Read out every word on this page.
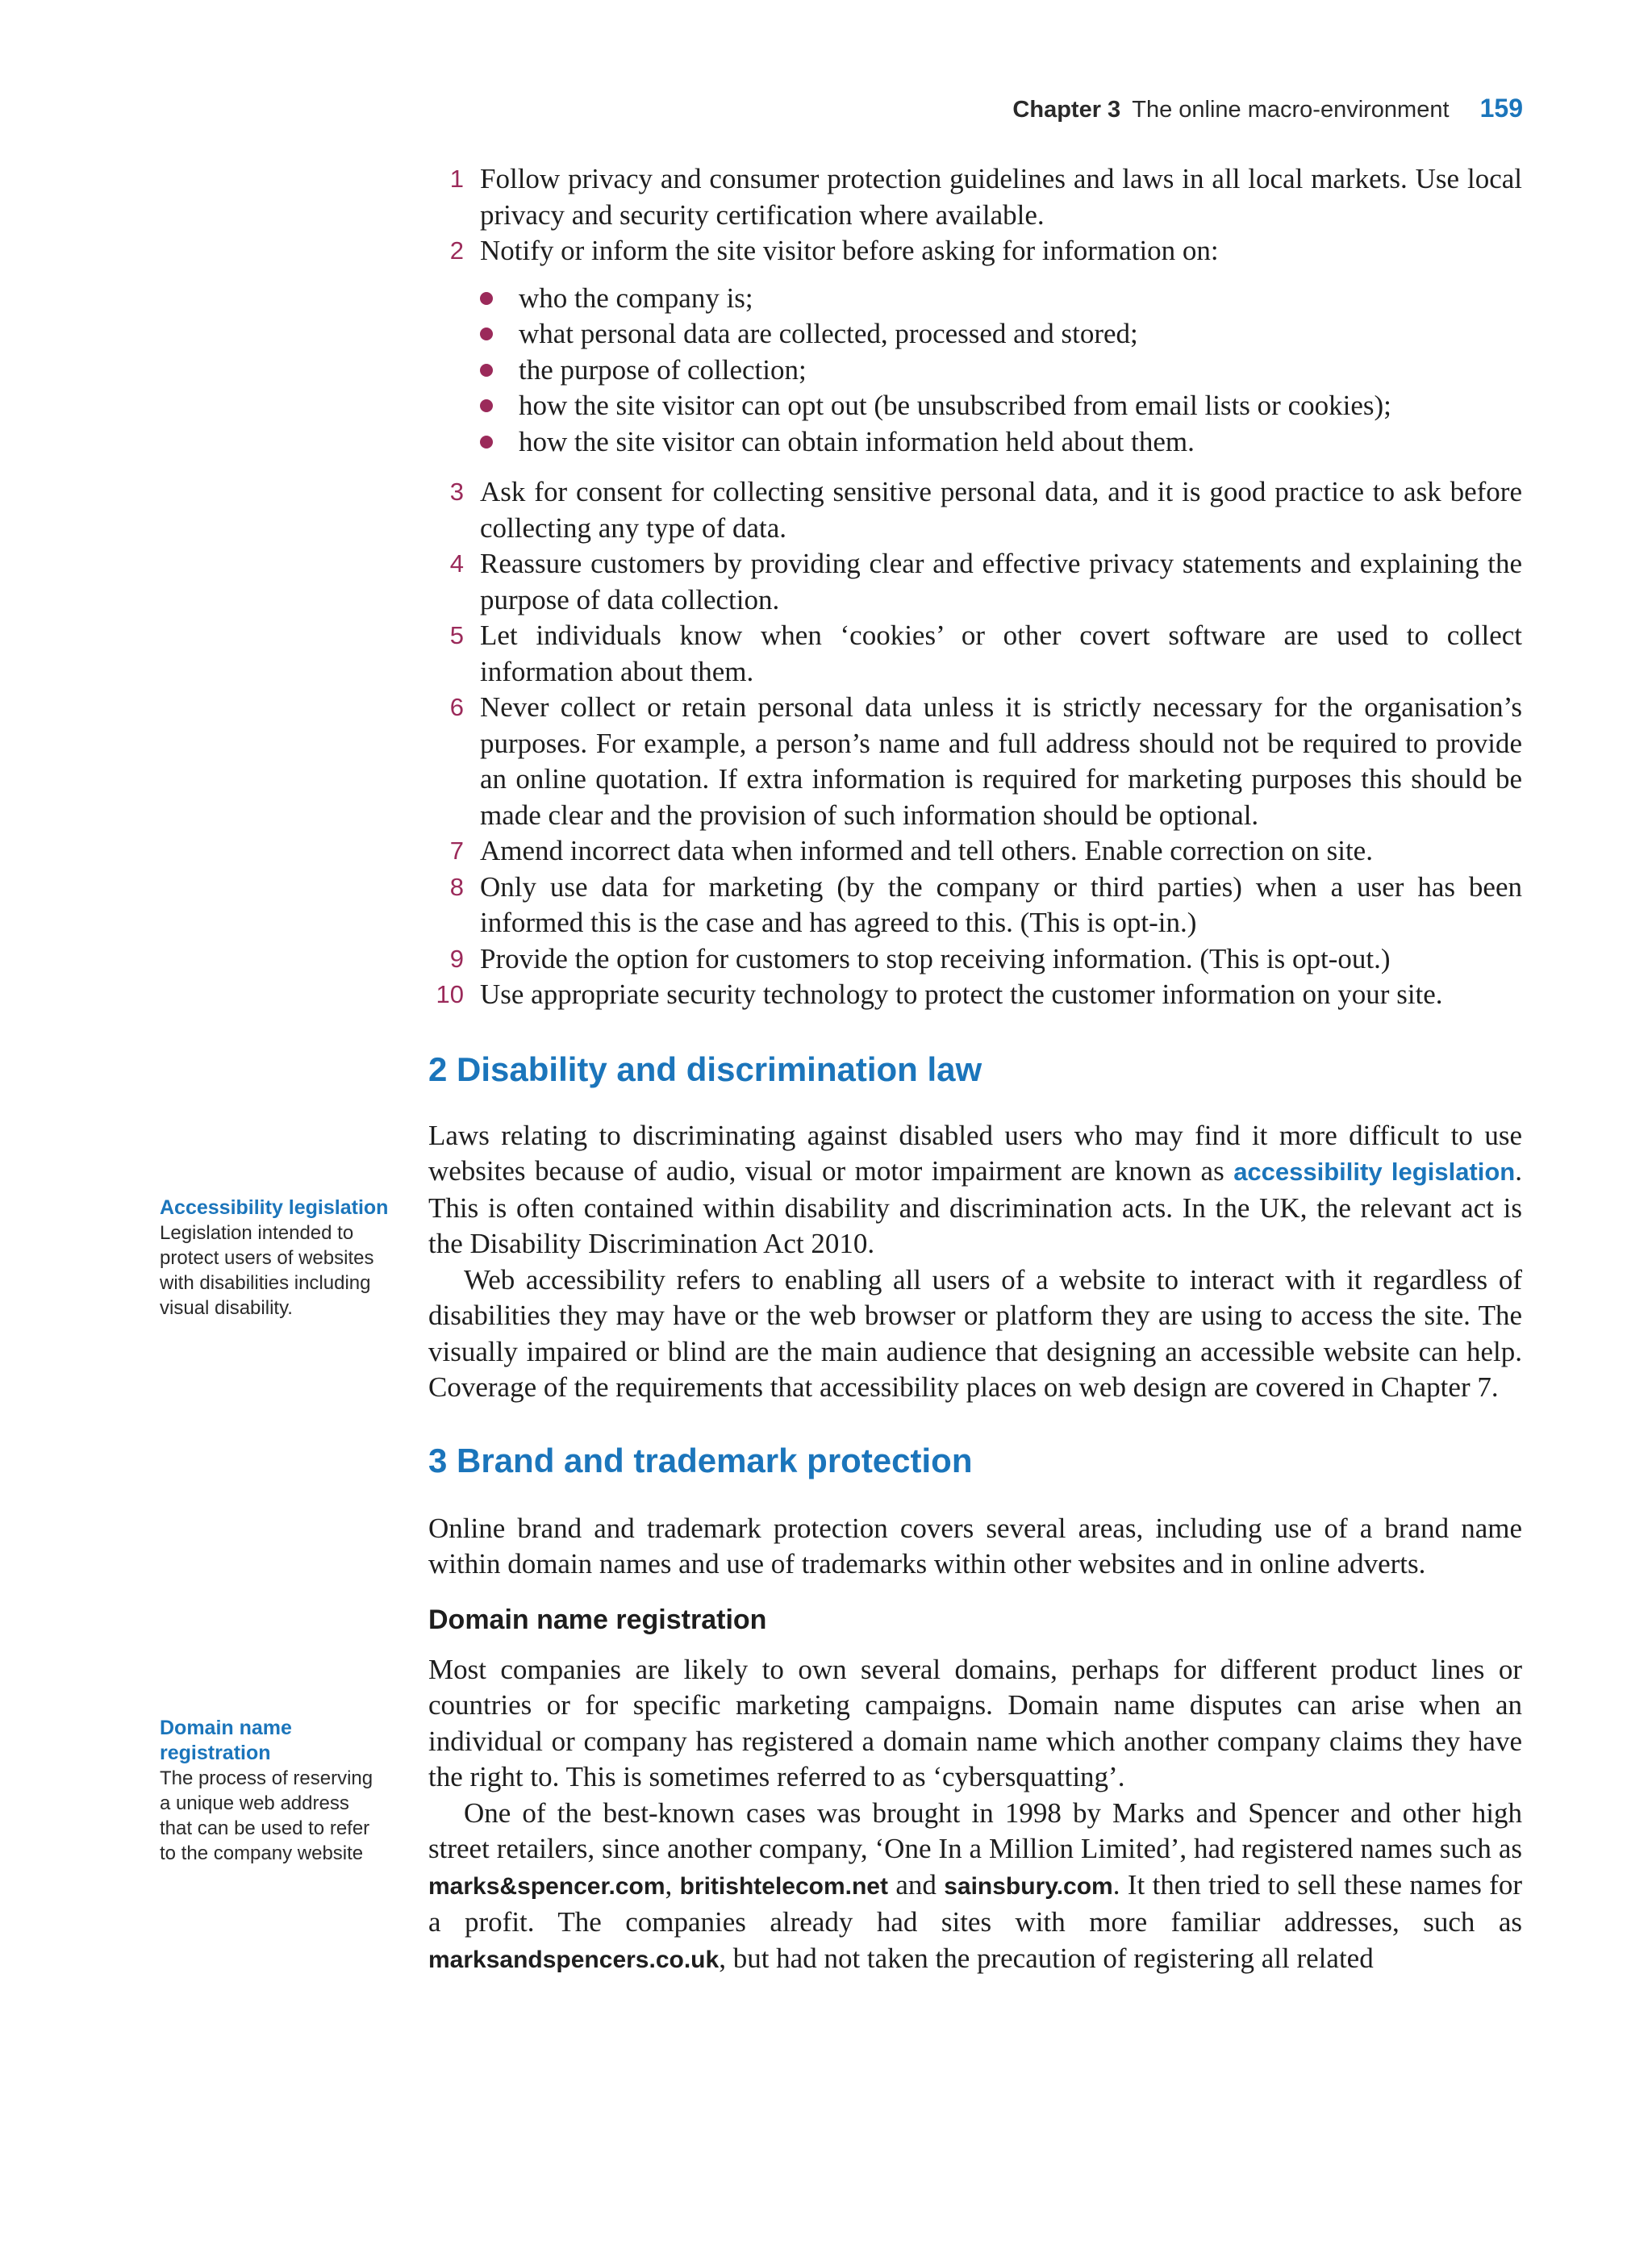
Chapter 3 The online macro-environment 159
Accessibility legislation
Legislation intended to protect users of websites with disabilities including visual disability.
Domain name registration
The process of reserving a unique web address that can be used to refer to the company website
1 Follow privacy and consumer protection guidelines and laws in all local markets. Use local privacy and security certification where available.
2 Notify or inform the site visitor before asking for information on:
who the company is;
what personal data are collected, processed and stored;
the purpose of collection;
how the site visitor can opt out (be unsubscribed from email lists or cookies);
how the site visitor can obtain information held about them.
3 Ask for consent for collecting sensitive personal data, and it is good practice to ask before collecting any type of data.
4 Reassure customers by providing clear and effective privacy statements and explaining the purpose of data collection.
5 Let individuals know when ‘cookies’ or other covert software are used to collect information about them.
6 Never collect or retain personal data unless it is strictly necessary for the organisation’s purposes. For example, a person’s name and full address should not be required to provide an online quotation. If extra information is required for marketing purposes this should be made clear and the provision of such information should be optional.
7 Amend incorrect data when informed and tell others. Enable correction on site.
8 Only use data for marketing (by the company or third parties) when a user has been informed this is the case and has agreed to this. (This is opt-in.)
9 Provide the option for customers to stop receiving information. (This is opt-out.)
10 Use appropriate security technology to protect the customer information on your site.
2 Disability and discrimination law

Laws relating to discriminating against disabled users who may find it more difficult to use websites because of audio, visual or motor impairment are known as accessibility legislation. This is often contained within disability and discrimination acts. In the UK, the relevant act is the Disability Discrimination Act 2010.

Web accessibility refers to enabling all users of a website to interact with it regardless of disabilities they may have or the web browser or platform they are using to access the site. The visually impaired or blind are the main audience that designing an accessible website can help. Coverage of the requirements that accessibility places on web design are covered in Chapter 7.

3 Brand and trademark protection

Online brand and trademark protection covers several areas, including use of a brand name within domain names and use of trademarks within other websites and in online adverts.

Domain name registration

Most companies are likely to own several domains, perhaps for different product lines or countries or for specific marketing campaigns. Domain name disputes can arise when an individual or company has registered a domain name which another company claims they have the right to. This is sometimes referred to as ‘cybersquatting’.

One of the best-known cases was brought in 1998 by Marks and Spencer and other high street retailers, since another company, ‘One In a Million Limited’, had registered names such as marks&spencer.com, britishtelecom.net and sainsbury.com. It then tried to sell these names for a profit. The companies already had sites with more familiar addresses, such as marksandspencers.co.uk, but had not taken the precaution of registering all related
